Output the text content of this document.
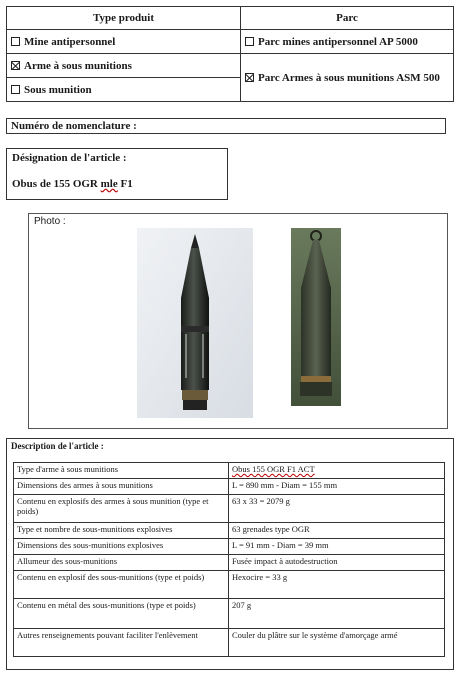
Type produit	Parc
Mine antipersonnel	Parc mines antipersonnel AP 5000
Arme à sous munitions	Parc Armes à sous munitions ASM 500
Sous munition	
Numéro de nomenclature :
Désignation de l'article :
Obus de 155 OGR mle F1
Photo :
Description de l'article :
Type d'arme à sous munitions	Obus 155 OGR F1 ACT
Dimensions des armes à sous munitions	L = 890 mm - Diam = 155 mm
Contenu en explosifs des armes à sous munition (type et poids)	63 x 33 = 2079 g
Type et nombre de sous-munitions explosives	63 grenades type OGR
Dimensions des sous-munitions explosives	L = 91 mm - Diam = 39 mm
Allumeur des sous-munitions	Fusée impact à autodestruction
Contenu en explosif des sous-munitions (type et poids)	Hexocire = 33 g
Contenu en métal des sous-munitions (type et poids)	207 g
Autres renseignements pouvant faciliter l'enlèvement	Couler du plâtre sur le système d'amorçage armé
